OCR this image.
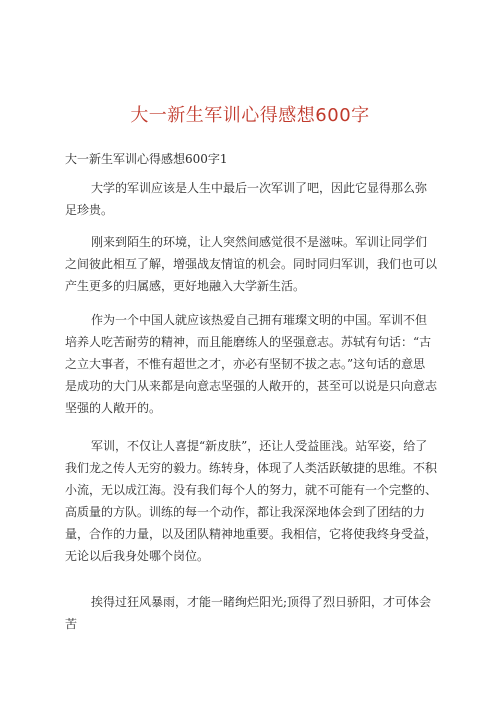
大一新生军训心得感想600字
大一新生军训心得感想600字1

大学的军训应该是人生中最后一次军训了吧，因此它显得那么弥足珍贵。

刚来到陌生的环境，让人突然间感觉很不是滋味。军训让同学们之间彼此相互了解，增强战友情谊的机会。同时同归军训，我们也可以产生更多的归属感，更好地融入大学新生活。

作为一个中国人就应该热爱自己拥有璀璨文明的中国。军训不但培养人吃苦耐劳的精神，而且能磨练人的坚强意志。苏轼有句话：“古之立大事者，不惟有超世之才，亦必有坚韧不拔之志。”这句话的意思是成功的大门从来都是向意志坚强的人敞开的，甚至可以说是只向意志坚强的人敞开的。

军训，不仅让人喜提“新皮肤”，还让人受益匪浅。站军姿，给了我们龙之传人无穷的毅力。练转身，体现了人类活跃敏捷的思维。不积小流，无以成江海。没有我们每个人的努力，就不可能有一个完整的、高质量的方队。训练的每一个动作，都让我深深地体会到了团结的力量，合作的力量，以及团队精神地重要。我相信，它将使我终身受益，无论以后我身处哪个岗位。

挨得过狂风暴雨，才能一睹绚烂阳光;顶得了烈日骄阳，才可体会苦
